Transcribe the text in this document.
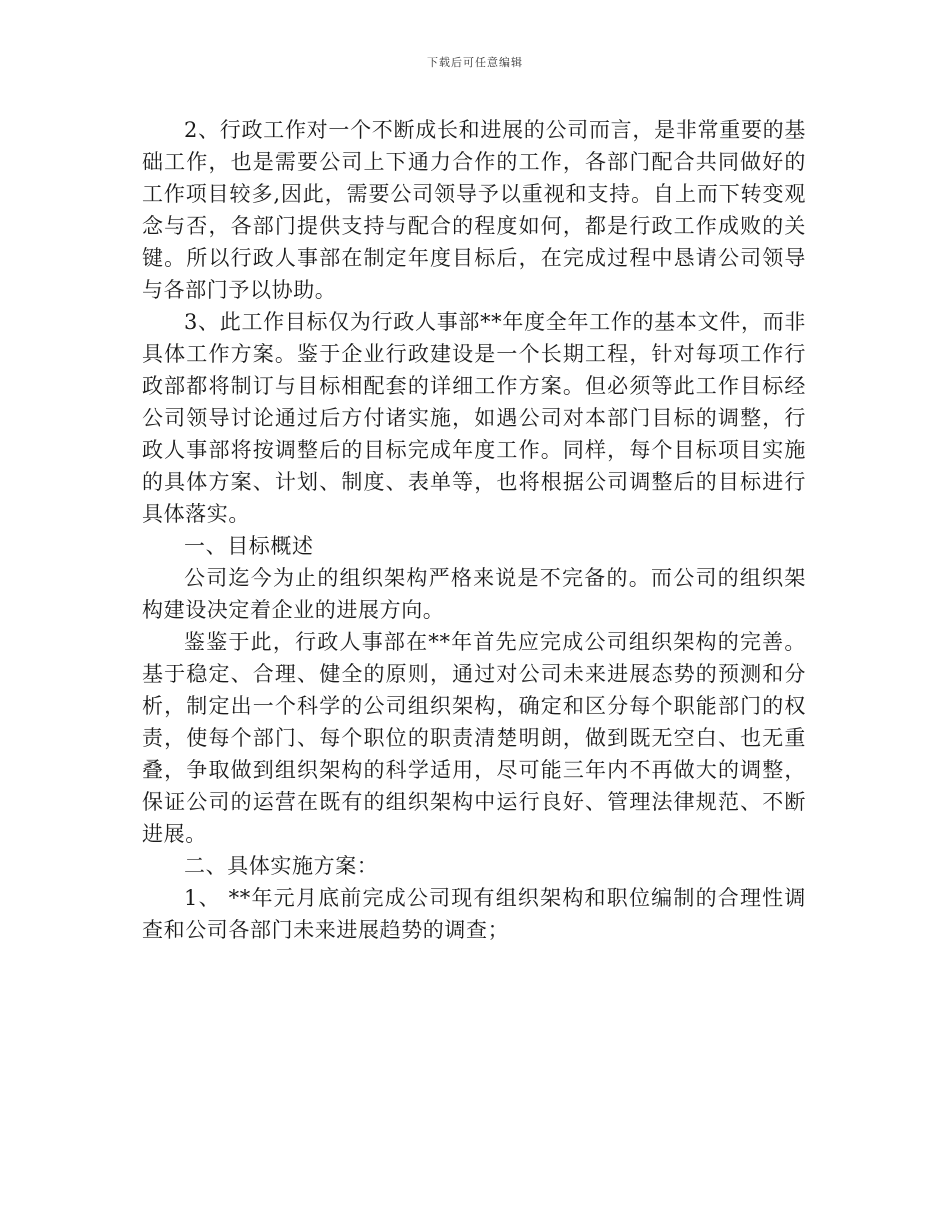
下载后可任意编辑

2、行政工作对一个不断成长和进展的公司而言，是非常重要的基础工作，也是需要公司上下通力合作的工作，各部门配合共同做好的工作项目较多,因此，需要公司领导予以重视和支持。自上而下转变观念与否，各部门提供支持与配合的程度如何，都是行政工作成败的关键。所以行政人事部在制定年度目标后，在完成过程中恳请公司领导与各部门予以协助。

3、此工作目标仅为行政人事部**年度全年工作的基本文件，而非具体工作方案。鉴于企业行政建设是一个长期工程，针对每项工作行政部都将制订与目标相配套的详细工作方案。但必须等此工作目标经公司领导讨论通过后方付诸实施，如遇公司对本部门目标的调整，行政人事部将按调整后的目标完成年度工作。同样，每个目标项目实施的具体方案、计划、制度、表单等，也将根据公司调整后的目标进行具体落实。

一、目标概述

公司迄今为止的组织架构严格来说是不完备的。而公司的组织架构建设决定着企业的进展方向。

鉴鉴于此，行政人事部在**年首先应完成公司组织架构的完善。基于稳定、合理、健全的原则，通过对公司未来进展态势的预测和分析，制定出一个科学的公司组织架构，确定和区分每个职能部门的权责，使每个部门、每个职位的职责清楚明朗，做到既无空白、也无重叠，争取做到组织架构的科学适用，尽可能三年内不再做大的调整，保证公司的运营在既有的组织架构中运行良好、管理法律规范、不断进展。

二、具体实施方案：

1、 **年元月底前完成公司现有组织架构和职位编制的合理性调查和公司各部门未来进展趋势的调查；
